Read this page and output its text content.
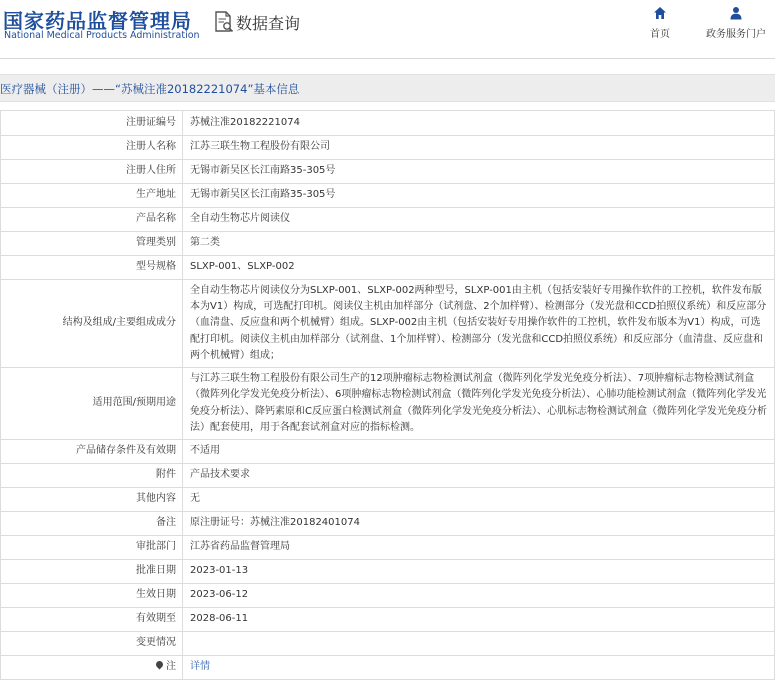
国家药品监督管理局
National Medical Products Administration
数据查询
首页	政务服务门户
医疗器械（注册）——“苏械注准20182221074”基本信息
注册证编号	苏械注准20182221074
注册人名称	江苏三联生物工程股份有限公司
注册人住所	无锡市新吴区长江南路35-305号
生产地址	无锡市新吴区长江南路35-305号
产品名称	全自动生物芯片阅读仪
管理类别	第二类
型号规格	SLXP-001、SLXP-002
结构及组成/主要组成成分	全自动生物芯片阅读仪分为SLXP-001、SLXP-002两种型号，SLXP-001由主机（包括安装好专用操作软件的工控机，软件发布版本为V1）构成，可选配打印机。阅读仪主机由加样部分（试剂盘、2个加样臂）、检测部分（发光盘和CCD拍照仪系统）和反应部分（血清盘、反应盘和两个机械臂）组成。SLXP-002由主机（包括安装好专用操作软件的工控机，软件发布版本为V1）构成，可选配打印机。阅读仪主机由加样部分（试剂盘、1个加样臂）、检测部分（发光盘和CCD拍照仪系统）和反应部分（血清盘、反应盘和两个机械臂）组成；
适用范围/预期用途	与江苏三联生物工程股份有限公司生产的12项肿瘤标志物检测试剂盒（微阵列化学发光免疫分析法）、7项肿瘤标志物检测试剂盒（微阵列化学发光免疫分析法）、6项肿瘤标志物检测试剂盒（微阵列化学发光免疫分析法）、心肺功能检测试剂盒（微阵列化学发光免疫分析法）、降钙素原和C反应蛋白检测试剂盒（微阵列化学发光免疫分析法）、心肌标志物检测试剂盒（微阵列化学发光免疫分析法）配套使用，用于各配套试剂盒对应的指标检测。
产品储存条件及有效期	不适用
附件	产品技术要求
其他内容	无
备注	原注册证号：苏械注准20182401074
审批部门	江苏省药品监督管理局
批准日期	2023-01-13
生效日期	2023-06-12
有效期至	2028-06-11
变更情况	
注	详情
